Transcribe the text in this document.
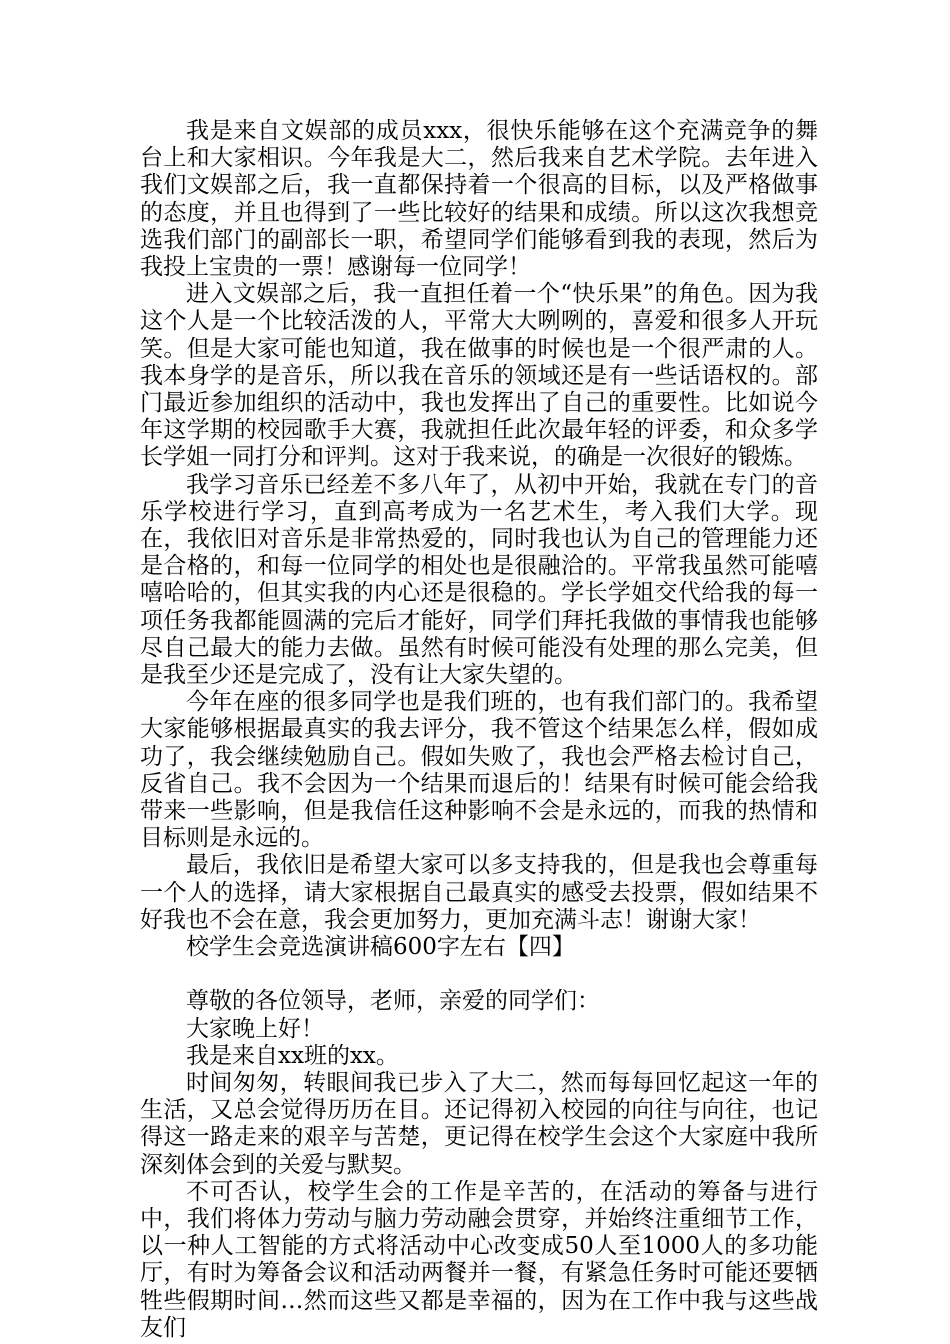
我是来自文娱部的成员xxx，很快乐能够在这个充满竞争的舞台上和大家相识。今年我是大二，然后我来自艺术学院。去年进入我们文娱部之后，我一直都保持着一个很高的目标，以及严格做事的态度，并且也得到了一些比较好的结果和成绩。所以这次我想竞选我们部门的副部长一职，希望同学们能够看到我的表现，然后为我投上宝贵的一票！感谢每一位同学！

进入文娱部之后，我一直担任着一个“快乐果”的角色。因为我这个人是一个比较活泼的人，平常大大咧咧的，喜爱和很多人开玩笑。但是大家可能也知道，我在做事的时候也是一个很严肃的人。我本身学的是音乐，所以我在音乐的领域还是有一些话语权的。部门最近参加组织的活动中，我也发挥出了自己的重要性。比如说今年这学期的校园歌手大赛，我就担任此次最年轻的评委，和众多学长学姐一同打分和评判。这对于我来说，的确是一次很好的锻炼。

我学习音乐已经差不多八年了，从初中开始，我就在专门的音乐学校进行学习，直到高考成为一名艺术生，考入我们大学。现在，我依旧对音乐是非常热爱的，同时我也认为自己的管理能力还是合格的，和每一位同学的相处也是很融洽的。平常我虽然可能嘻嘻哈哈的，但其实我的内心还是很稳的。学长学姐交代给我的每一项任务我都能圆满的完后才能好，同学们拜托我做的事情我也能够尽自己最大的能力去做。虽然有时候可能没有处理的那么完美，但是我至少还是完成了，没有让大家失望的。

今年在座的很多同学也是我们班的，也有我们部门的。我希望大家能够根据最真实的我去评分，我不管这个结果怎么样，假如成功了，我会继续勉励自己。假如失败了，我也会严格去检讨自己，反省自己。我不会因为一个结果而退后的！结果有时候可能会给我带来一些影响，但是我信任这种影响不会是永远的，而我的热情和目标则是永远的。

最后，我依旧是希望大家可以多支持我的，但是我也会尊重每一个人的选择，请大家根据自己最真实的感受去投票，假如结果不好我也不会在意，我会更加努力，更加充满斗志！谢谢大家！

校学生会竞选演讲稿600字左右【四】

尊敬的各位领导，老师，亲爱的同学们：

大家晚上好！

我是来自xx班的xx。

时间匆匆，转眼间我已步入了大二，然而每每回忆起这一年的生活，又总会觉得历历在目。还记得初入校园的向往与向往，也记得这一路走来的艰辛与苦楚，更记得在校学生会这个大家庭中我所深刻体会到的关爱与默契。

不可否认，校学生会的工作是辛苦的，在活动的筹备与进行中，我们将体力劳动与脑力劳动融会贯穿，并始终注重细节工作，以一种人工智能的方式将活动中心改变成50人至1000人的多功能厅，有时为筹备会议和活动两餐并一餐，有紧急任务时可能还要牺牲些假期时间…然而这些又都是幸福的，因为在工作中我与这些战友们
